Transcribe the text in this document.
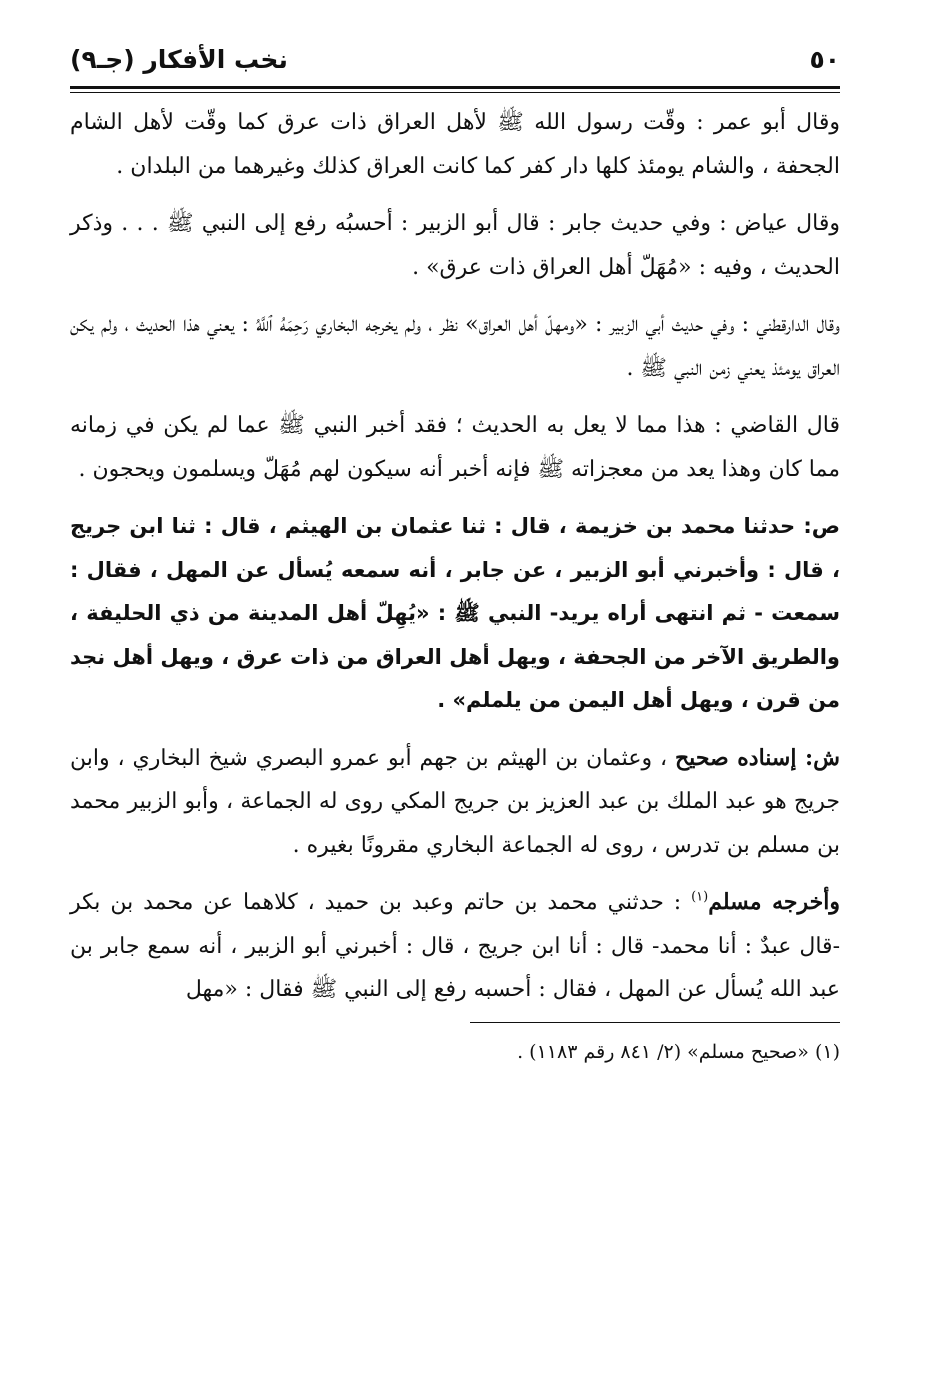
٥٠
نخب الأفكار (جـ٩)

وقال أبو عمر : وقّت رسول الله ﷺ لأهل العراق ذات عرق كما وقّت لأهل الشام الجحفة ، والشام يومئذ كلها دار كفر كما كانت العراق كذلك وغيرهما من البلدان .

وقال عياض : وفي حديث جابر : قال أبو الزبير : أحسبُه رفع إلى النبي ﷺ . . . وذكر الحديث ، وفيه : «مُهَلّ أهل العراق ذات عرق» .

وقال الدارقطني : وفي حديث أبي الزبير : «ومهلّ أهل العراق» نظر ، ولم يخرجه البخاري رَحِمَهُ ٱللَّهُ : يعني هذا الحديث ، ولم يكن العراق يومئذ يعني زمن النبي ﷺ .

قال القاضي : هذا مما لا يعل به الحديث ؛ فقد أخبر النبي ﷺ عما لم يكن في زمانه مما كان وهذا يعد من معجزاته ﷺ فإنه أخبر أنه سيكون لهم مُهَلّ ويسلمون ويحجون .

ص: حدثنا محمد بن خزيمة ، قال : ثنا عثمان بن الهيثم ، قال : ثنا ابن جريج ، قال : وأخبرني أبو الزبير ، عن جابر ، أنه سمعه يُسأل عن المهل ، فقال : سمعت - ثم انتهى أراه يريد- النبي ﷺ : «يُهِلّ أهل المدينة من ذي الحليفة ، والطريق الآخر من الجحفة ، ويهل أهل العراق من ذات عرق ، ويهل أهل نجد من قرن ، ويهل أهل اليمن من يلملم» .

ش: إسناده صحيح ، وعثمان بن الهيثم بن جهم أبو عمرو البصري شيخ البخاري ، وابن جريج هو عبد الملك بن عبد العزيز بن جريج المكي روى له الجماعة ، وأبو الزبير محمد بن مسلم بن تدرس ، روى له الجماعة البخاري مقرونًا بغيره .

وأخرجه مسلم$^{(١)}$ : حدثني محمد بن حاتم وعبد بن حميد ، كلاهما عن محمد بن بكر -قال عبدٌ : أنا محمد- قال : أنا ابن جريج ، قال : أخبرني أبو الزبير ، أنه سمع جابر بن عبد الله يُسأل عن المهل ، فقال : أحسبه رفع إلى النبي ﷺ فقال : «مهل

(١) «صحيح مسلم» (٢/ ٨٤١ رقم ١١٨٣) .
